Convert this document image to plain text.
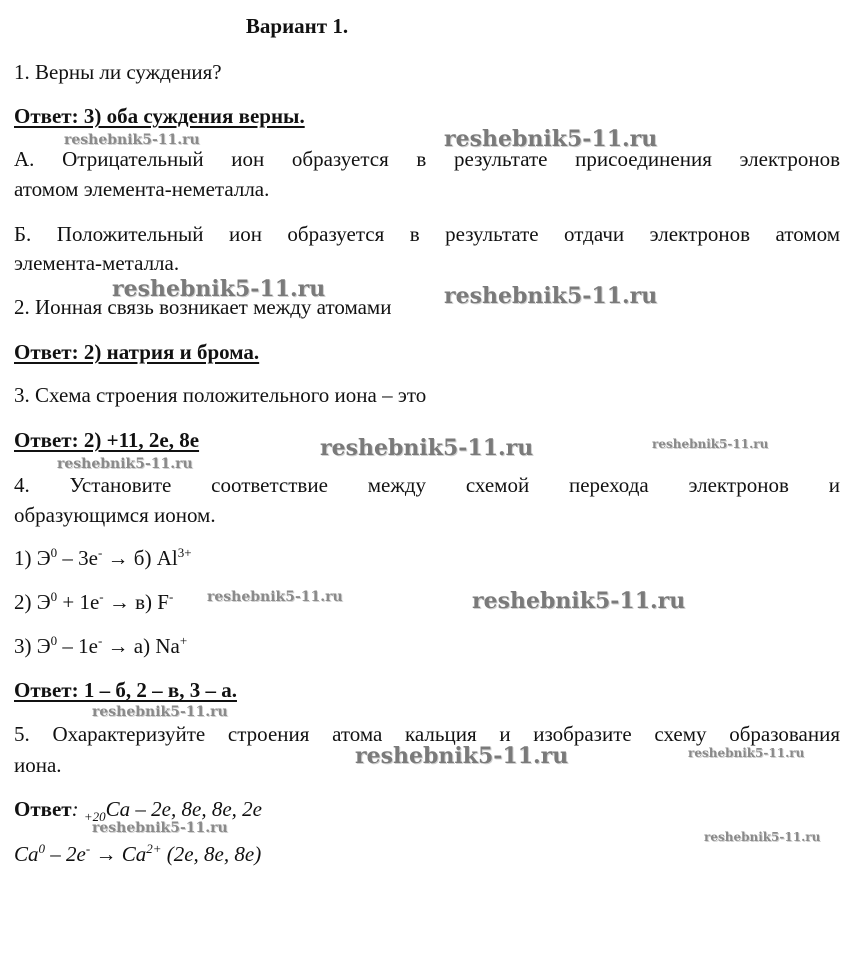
Вариант 1.
1. Верны ли суждения?
Ответ: 3) оба суждения верны.
А. Отрицательный ион образуется в результате присоединения электронов
атомом элемента-неметалла.
Б. Положительный ион образуется в результате отдачи электронов атомом
элемента-металла.
2. Ионная связь возникает между атомами
Ответ: 2) натрия и брома.
3. Схема строения положительного иона – это
Ответ: 2) +11, 2e, 8e
4. Установите соответствие между схемой перехода электронов и
образующимся ионом.
1) $Э^0 - 3e^- \to б$) $Al^{3+}$
2) $Э^0 + 1e^- \to в$) F-
3) $Э^0 - 1e^- \to а$) Na+
Ответ: 1 – б, 2 – в, 3 – а.
5. Охарактеризуйте строения атома кальция и изобразите схему образования
иона.
Ответ: $_{+20}$Ca – 2e, 8e, 8e, 2e
$Ca^0 - 2e^- \to Ca^{2+}$ (2e, 8e, 8e)
reshebnik5-11.ru	reshebnik5-11.ru
reshebnik5-11.ru	reshebnik5-11.ru
reshebnik5-11.ru	reshebnik5-11.ru
reshebnik5-11.ru
reshebnik5-11.ru	reshebnik5-11.ru
reshebnik5-11.ru
reshebnik5-11.ru	reshebnik5-11.ru
reshebnik5-11.ru
reshebnik5-11.ru
